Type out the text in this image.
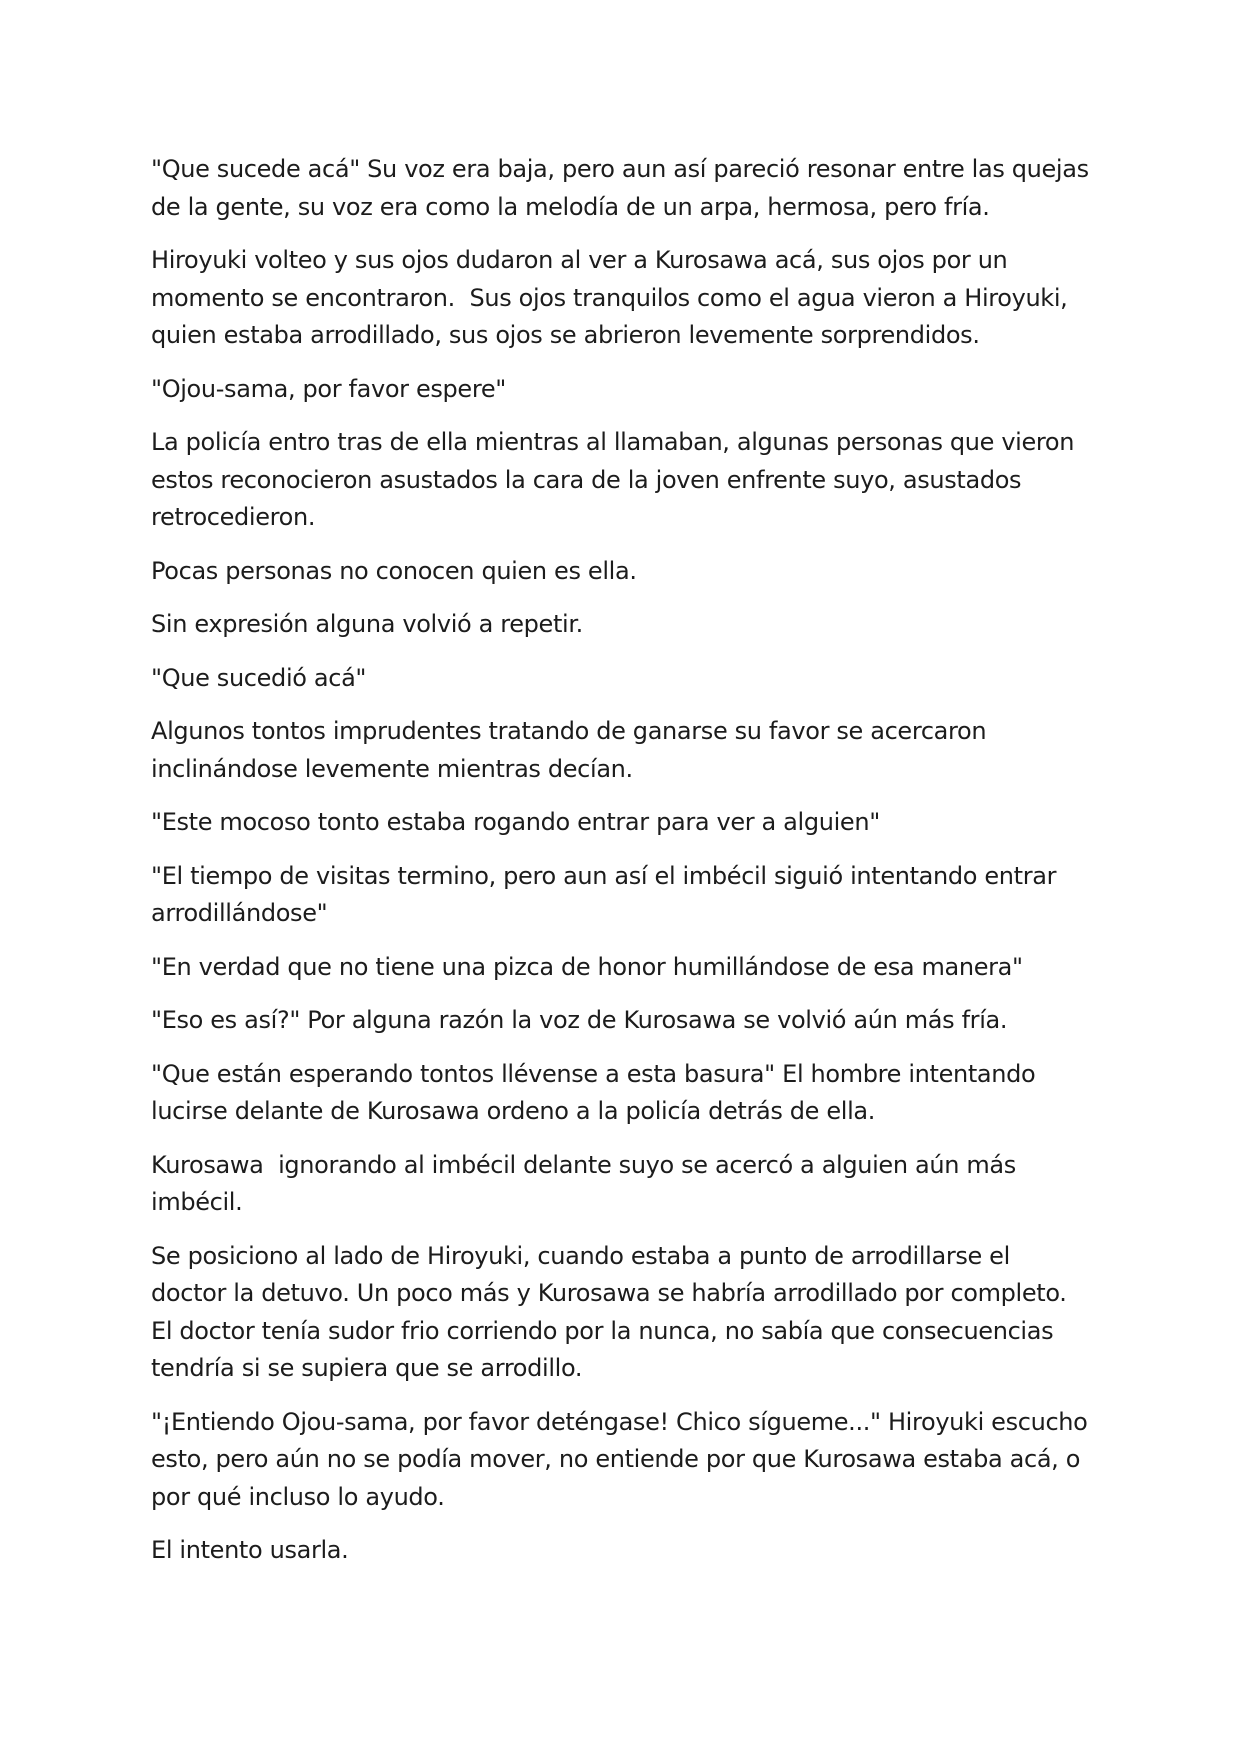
"Que sucede acá" Su voz era baja, pero aun así pareció resonar entre las quejas de la gente, su voz era como la melodía de un arpa, hermosa, pero fría.

Hiroyuki volteo y sus ojos dudaron al ver a Kurosawa acá, sus ojos por un momento se encontraron.  Sus ojos tranquilos como el agua vieron a Hiroyuki, quien estaba arrodillado, sus ojos se abrieron levemente sorprendidos.

"Ojou-sama, por favor espere"

La policía entro tras de ella mientras al llamaban, algunas personas que vieron estos reconocieron asustados la cara de la joven enfrente suyo, asustados retrocedieron.

Pocas personas no conocen quien es ella.

Sin expresión alguna volvió a repetir.

"Que sucedió acá"

Algunos tontos imprudentes tratando de ganarse su favor se acercaron inclinándose levemente mientras decían.

"Este mocoso tonto estaba rogando entrar para ver a alguien"

"El tiempo de visitas termino, pero aun así el imbécil siguió intentando entrar arrodillándose"

"En verdad que no tiene una pizca de honor humillándose de esa manera"

"Eso es así?" Por alguna razón la voz de Kurosawa se volvió aún más fría.

"Que están esperando tontos llévense a esta basura" El hombre intentando lucirse delante de Kurosawa ordeno a la policía detrás de ella.

Kurosawa  ignorando al imbécil delante suyo se acercó a alguien aún más imbécil.

Se posiciono al lado de Hiroyuki, cuando estaba a punto de arrodillarse el doctor la detuvo. Un poco más y Kurosawa se habría arrodillado por completo. El doctor tenía sudor frio corriendo por la nunca, no sabía que consecuencias tendría si se supiera que se arrodillo.

"¡Entiendo Ojou-sama, por favor deténgase! Chico sígueme..." Hiroyuki escucho esto, pero aún no se podía mover, no entiende por que Kurosawa estaba acá, o por qué incluso lo ayudo.

El intento usarla.
